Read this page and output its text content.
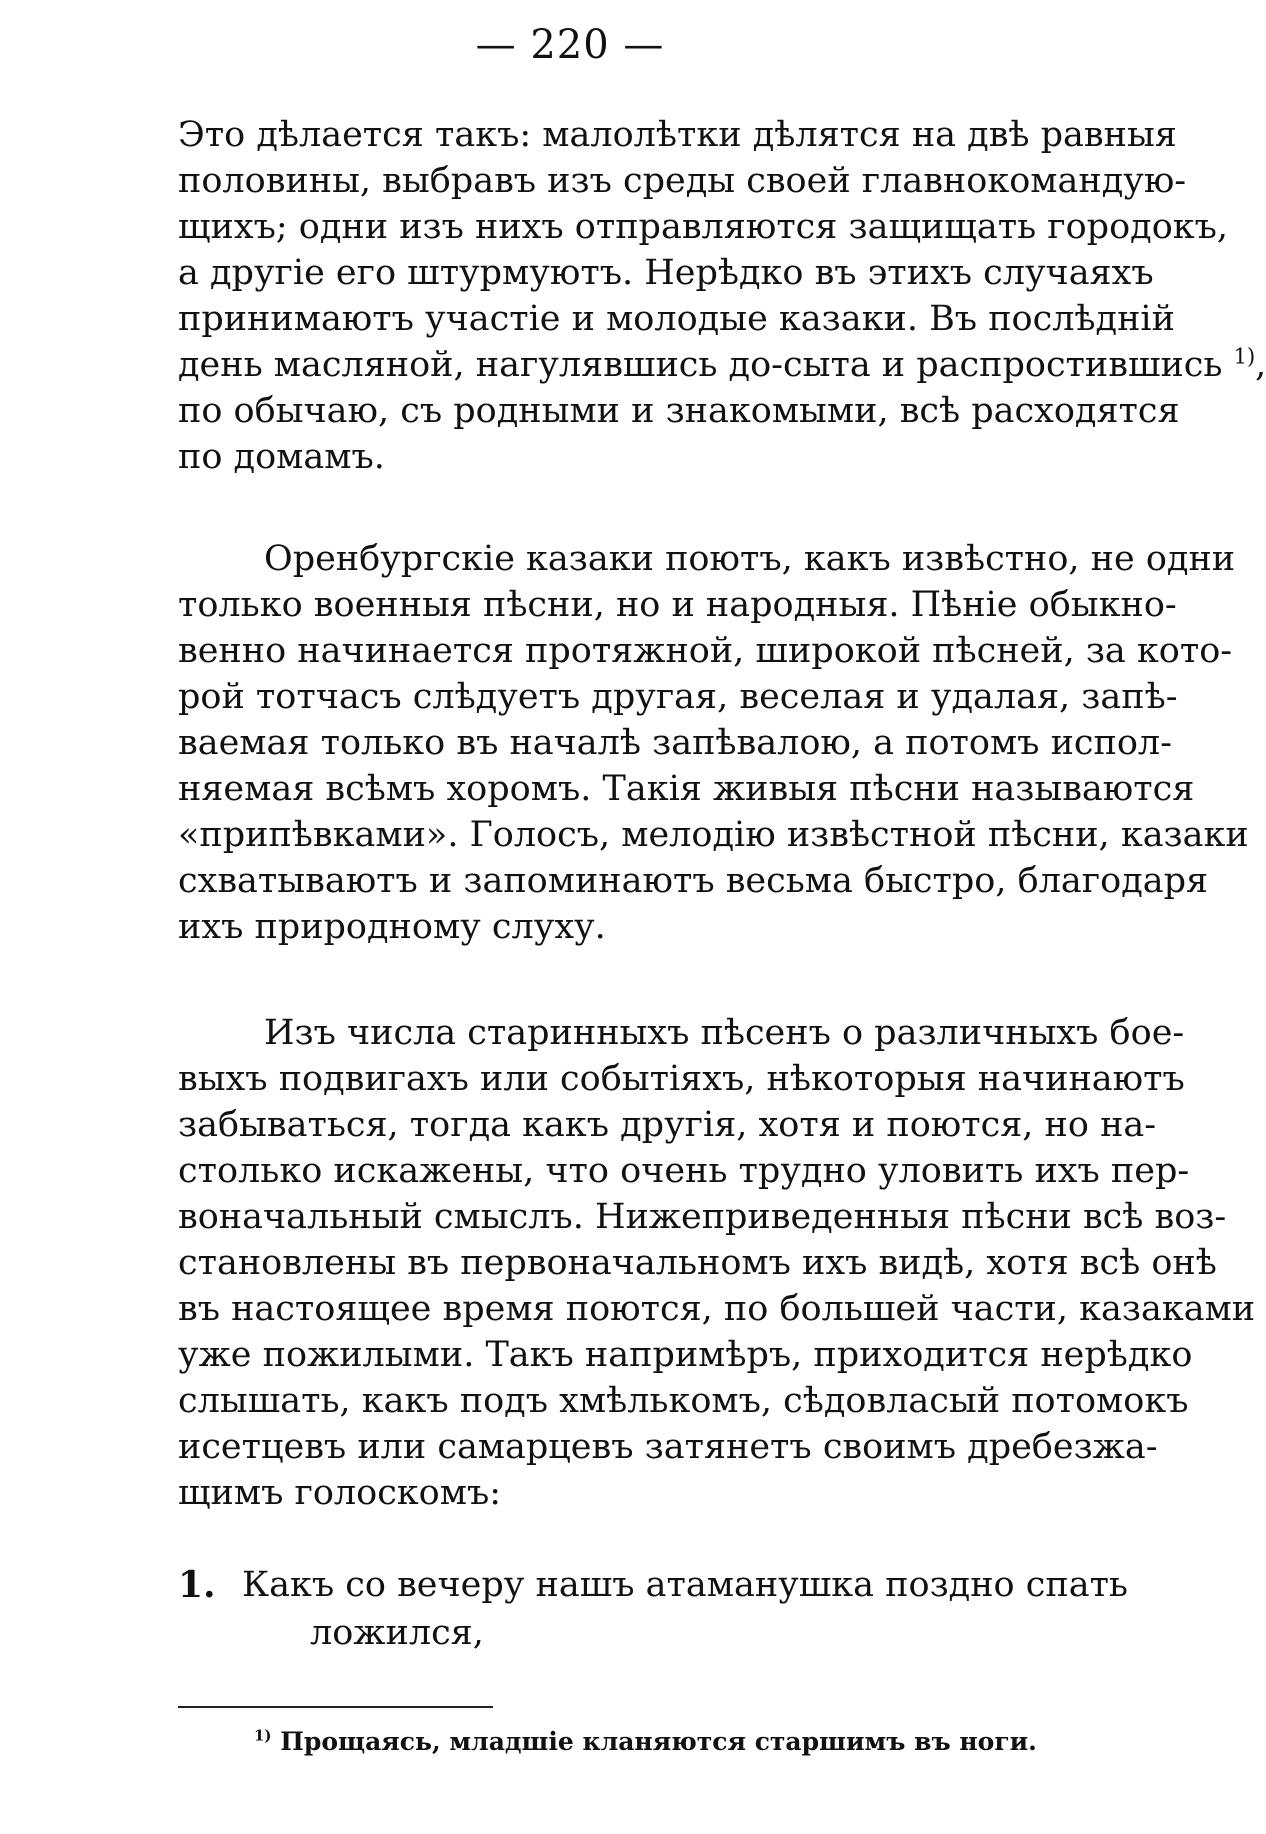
— 220 —
Это дѣлается такъ: малолѣтки дѣлятся на двѣ равныя
половины, выбравъ изъ среды своей главнокомандую-
щихъ; одни изъ нихъ отправляются защищать городокъ,
а другіе его штурмуютъ. Нерѣдко въ этихъ случаяхъ
принимаютъ участіе и молодые казаки. Въ послѣдній
день масляной, нагулявшись до-сыта и распростившись $^{1)}$,
по обычаю, съ родными и знакомыми, всѣ расходятся
по домамъ.
Оренбургскіе казаки поютъ, какъ извѣстно, не одни
только военныя пѣсни, но и народныя. Пѣніе обыкно-
венно начинается протяжной, широкой пѣсней, за кото-
рой тотчасъ слѣдуетъ другая, веселая и удалая, запѣ-
ваемая только въ началѣ запѣвалою, а потомъ испол-
няемая всѣмъ хоромъ. Такія живыя пѣсни называются
«припѣвками». Голосъ, мелодію извѣстной пѣсни, казаки
схватываютъ и запоминаютъ весьма быстро, благодаря
ихъ природному слуху.
Изъ числа старинныхъ пѣсенъ о различныхъ бое-
выхъ подвигахъ или событіяхъ, нѣкоторыя начинаютъ
забываться, тогда какъ другія, хотя и поются, но на-
столько искажены, что очень трудно уловить ихъ пер-
воначальный смыслъ. Нижеприведенныя пѣсни всѣ воз-
становлены въ первоначальномъ ихъ видѣ, хотя всѣ онѣ
въ настоящее время поются, по большей части, казаками
уже пожилыми. Такъ напримѣръ, приходится нерѣдко
слышать, какъ подъ хмѣлькомъ, сѣдовласый потомокъ
исетцевъ или самарцевъ затянетъ своимъ дребезжа-
щимъ голоскомъ:
1. Какъ со вечеру нашъ атаманушка поздно спать
ложился,
$^{1)}$ Прощаясь, младшіе кланяются старшимъ въ ноги.
